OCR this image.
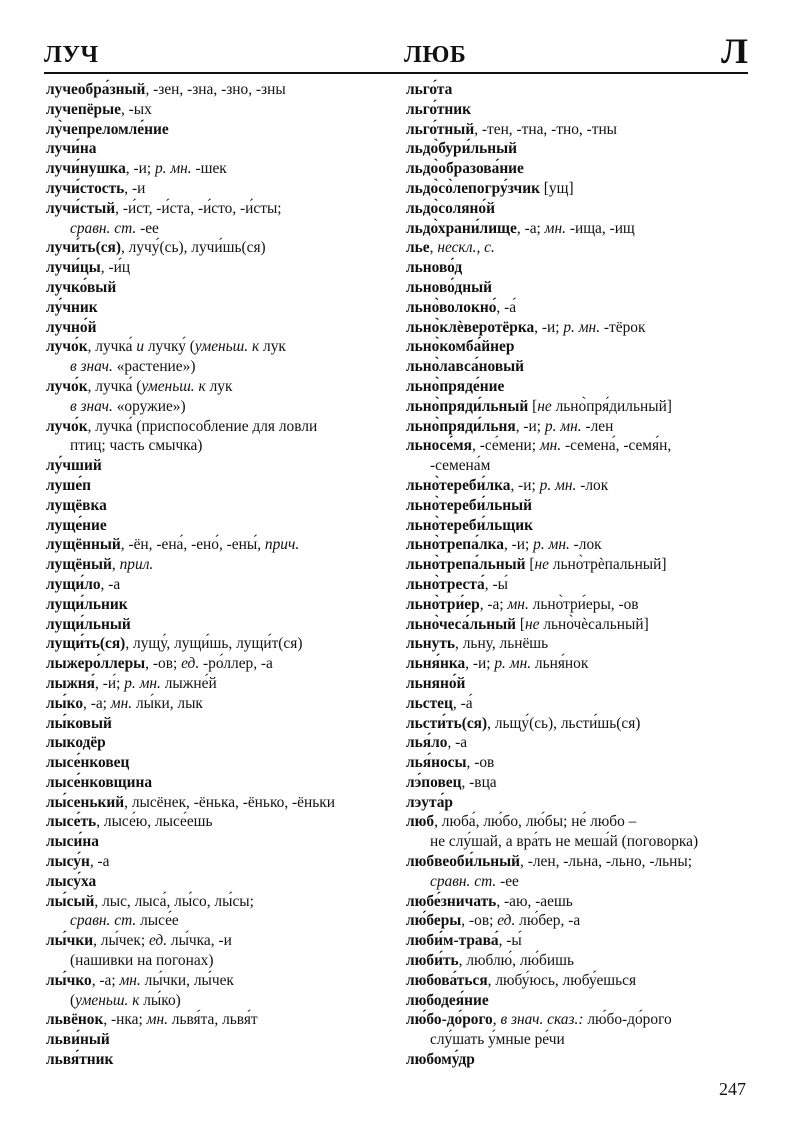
ЛУЧ	ЛЮБ	Л
лучеобра́зный, -зен, -зна, -зно, -зны
лучепёрые, -ых
лу̀чепреломле́ние
лучи́на
лучи́нушка, -и; р. мн. -шек
лучи́стость, -и
лучи́стый, -и́ст, -и́ста, -и́сто, -и́сты;
сравн. ст. -ее
лучи́ть(ся), лучу́(сь), лучи́шь(ся)
лучи́цы, -и́ц
лучко́вый
лу́чник
лучно́й
лучо́к, лучка́ и лучку́ (уменьш. к лук
в знач. «растение»)
лучо́к, лучка́ (уменьш. к лук
в знач. «оружие»)
лучо́к, лучка́ (приспособление для ловли
птиц; часть смычка)
лу́чший
луше́п
лущёвка
луще́ние
лущённый, -ён, -ена́, -ено́, -ены́, прич.
лущёный, прил.
лущи́ло, -а
лущи́льник
лущи́льный
лущи́ть(ся), лущу́, лущи́шь, лущи́т(ся)
лыжеро́ллеры, -ов; ед. -ро́ллер, -а
лыжня́, -и́; р. мн. лыжне́й
лы́ко, -а; мн. лы́ки, лык
лы́ковый
лыкодёр
лысе́нковец
лысе́нковщина
лы́сенький, лысёнек, -ёнька, -ёнько, -ёньки
лысе́ть, лысе́ю, лысе́ешь
лыси́на
лысу́н, -а
лысу́ха
лы́сый, лыс, лыса́, лы́со, лы́сы;
сравн. ст. лысе́е
лы́чки, лы́чек; ед. лы́чка, -и
(нашивки на погонах)
лы́чко, -а; мн. лы́чки, лы́чек
(уменьш. к лы́ко)
львёнок, -нка; мн. львя́та, львя́т
льви́ный
львя́тник
льго́та
льго́тник
льго́тный, -тен, -тна, -тно, -тны
льдо̀бури́льный
льдо̀образова́ние
льдо̀со̀лепогру́зчик [ущ]
льдо̀соляно́й
льдо̀храни́лище, -а; мн. -ища, -ищ
лье, нескл., с.
льново́д
льново́дный
льно̀волокно́, -а́
льно̀клѐверотёрка, -и; р. мн. -тёрок
льно̀комба́йнер
льно̀лавса́новый
льно̀пряде́ние
льно̀пряди́льный [не льно̀пря́дильный]
льно̀пряди́льня, -и; р. мн. -лен
льносе́мя, -се́мени; мн. -семена́, -семя́н,
-семена́м
льно̀тереби́лка, -и; р. мн. -лок
льно̀тереби́льный
льно̀тереби́льщик
льно̀трепа́лка, -и; р. мн. -лок
льно̀трепа́льный [не льно̀трѐпальный]
льно̀треста́, -ы́
льно̀три́ер, -а; мн. льно̀три́еры, -ов
льно̀чеса́льный [не льно̀чѐсальный]
льнуть, льну, льнёшь
льня́нка, -и; р. мн. льня́нок
льняно́й
льстец, -а́
льсти́ть(ся), льщу́(сь), льсти́шь(ся)
лья́ло, -а
лья́носы, -ов
лэ́повец, -вца
лэута́р
люб, люба́, лю́бо, лю́бы; не́ любо –
не слу́шай, а вра́ть не меша́й (поговорка)
любвеоби́льный, -лен, -льна, -льно, -льны;
сравн. ст. -ее
любе́зничать, -аю, -аешь
лю́беры, -ов; ед. лю́бер, -а
люби́м-трава́, -ы́
люби́ть, люблю́, лю́бишь
любова́ться, любу́юсь, любу́ешься
любодея́ние
лю́бо-до́рого, в знач. сказ.: лю́бо-до́рого
слу́шать у́мные ре́чи
любому́др
247
